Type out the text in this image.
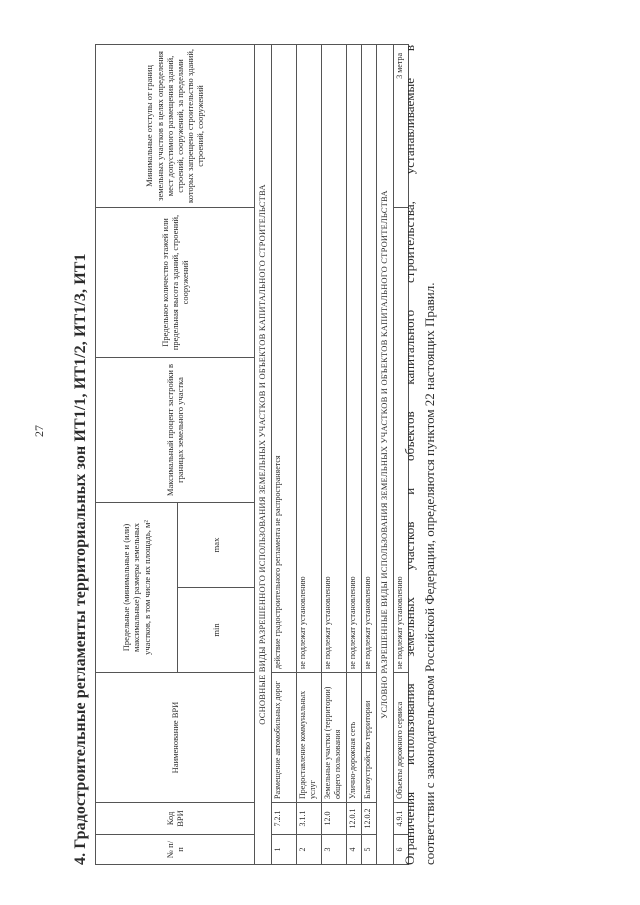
27 4. Градостроительные регламенты территориальных зон ИТ1/1, ИТ1/2, ИТ1/3, ИТ1	№ п/п	Код ВРИ	Наименование ВРИ	Предельные (минимальные и (или) максимальные) размеры земельных участков, в том числе их площадь, м²		Максимальный процент застройки в границах земельного участка	Предельное количество этажей или предельная высота зданий, строений, сооружений	Минимальные отступы от границ земельных участков в целях определения мест допустимого размещения зданий, строений, сооружений, за пределами которых запрещено строительство зданий, строений, сооружений
			min	max			
ОСНОВНЫЕ ВИДЫ РАЗРЕШЕННОГО ИСПОЛЬЗОВАНИЯ ЗЕМЕЛЬНЫХ УЧАСТКОВ И ОБЪЕКТОВ КАПИТАЛЬНОГО СТРОИТЕЛЬСТВА							
1	7.2.1	Размещение автомобильных дорог	действие градостроительного регламента не распространяется				
2	3.1.1	Предоставление коммунальных услуг	не подлежат установлению				
3	12.0	Земельные участки (территории) общего пользования	не подлежат установлению				
4	12.0.1	Улично-дорожная сеть	не подлежат установлению				
5	12.0.2	Благоустройство территории	не подлежат установлению				
УСЛОВНО РАЗРЕШЕННЫЕ ВИДЫ ИСПОЛЬЗОВАНИЯ ЗЕМЕЛЬНЫХ УЧАСТКОВ И ОБЪЕКТОВ КАПИТАЛЬНОГО СТРОИТЕЛЬСТВА							
6	4.9.1	Объекты дорожного сервиса	не подлежат установлению				3 метра
Ограничения использования земельных участков и объектов капитального строительства, устанавливаемые в соответствии с законодательством Российской Федерации, определяются пунктом 22 настоящих Правил.
